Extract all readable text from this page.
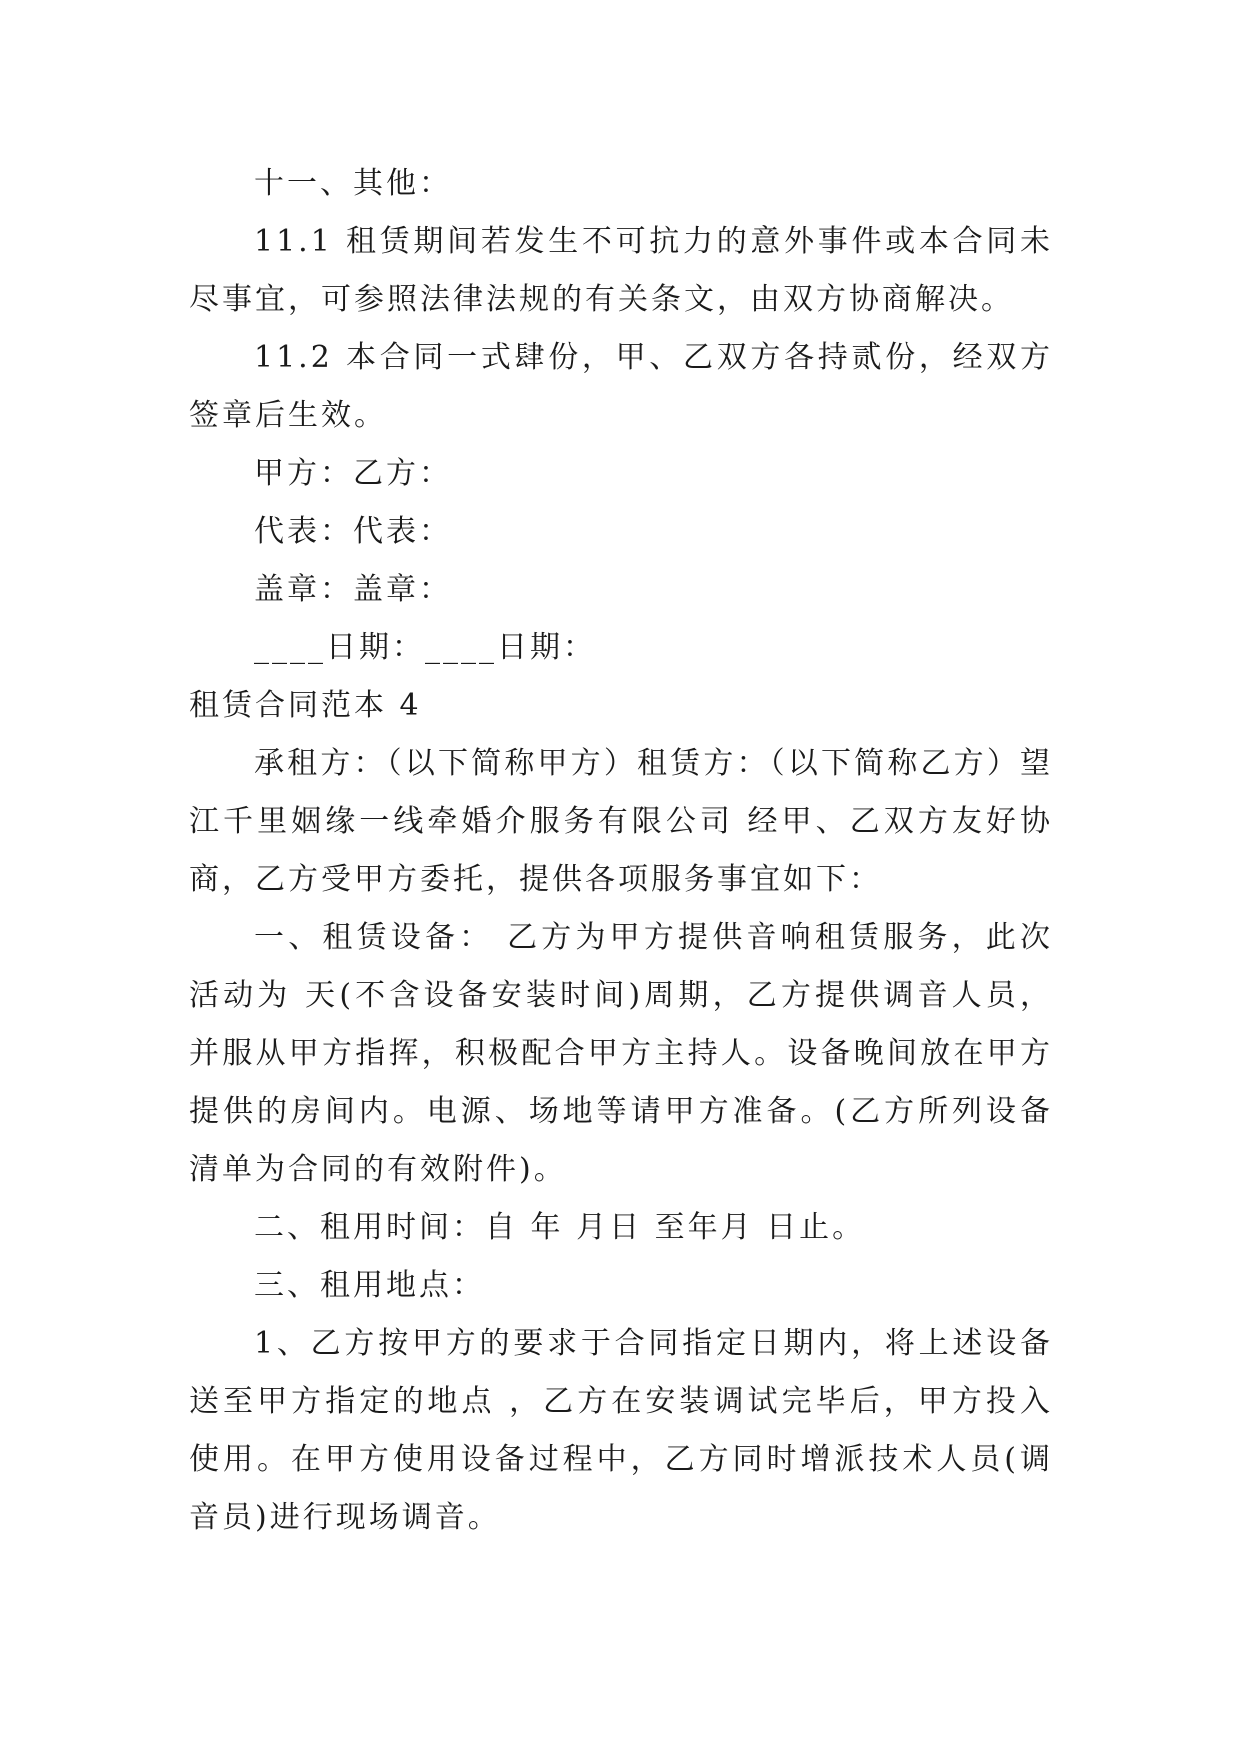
十一、其他：

11.1 租赁期间若发生不可抗力的意外事件或本合同未尽事宜，可参照法律法规的有关条文，由双方协商解决。

11.2 本合同一式肆份，甲、乙双方各持贰份，经双方签章后生效。

甲方：乙方：

代表：代表：

盖章：盖章：

____日期：____日期：

租赁合同范本 4

承租方：（以下简称甲方）租赁方：（以下简称乙方）望江千里姻缘一线牵婚介服务有限公司 经甲、乙双方友好协商，乙方受甲方委托，提供各项服务事宜如下：

一、租赁设备： 乙方为甲方提供音响租赁服务，此次活动为 天(不含设备安装时间)周期，乙方提供调音人员，并服从甲方指挥，积极配合甲方主持人。设备晚间放在甲方提供的房间内。电源、场地等请甲方准备。(乙方所列设备清单为合同的有效附件)。

二、租用时间：自 年 月日 至年月 日止。

三、租用地点：

1、乙方按甲方的要求于合同指定日期内，将上述设备送至甲方指定的地点 ，乙方在安装调试完毕后，甲方投入使用。在甲方使用设备过程中，乙方同时增派技术人员(调音员)进行现场调音。
